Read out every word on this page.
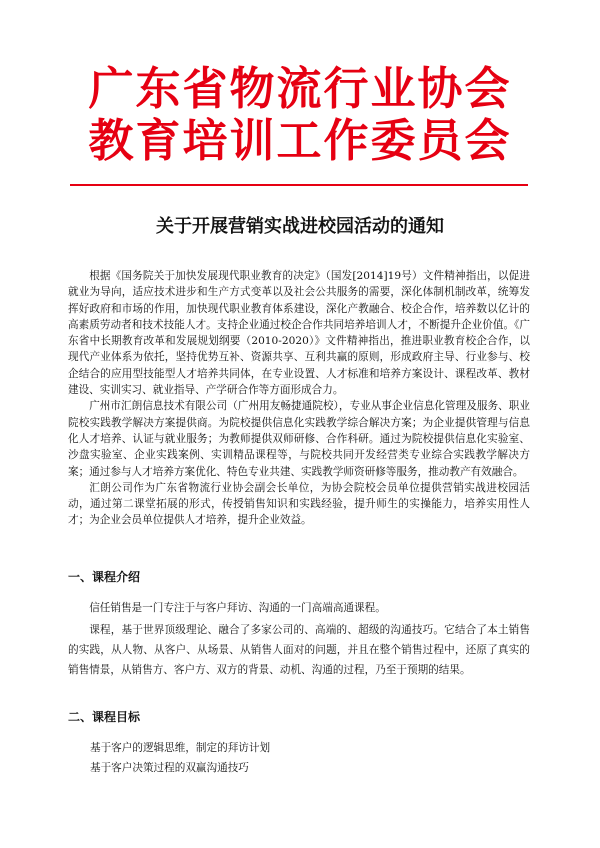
广东省物流行业协会
教育培训工作委员会
关于开展营销实战进校园活动的通知

根据《国务院关于加快发展现代职业教育的决定》（国发[2014]19号）文件精神指出，以促进就业为导向，适应技术进步和生产方式变革以及社会公共服务的需要，深化体制机制改革，统筹发挥好政府和市场的作用，加快现代职业教育体系建设，深化产教融合、校企合作，培养数以亿计的高素质劳动者和技术技能人才。支持企业通过校企合作共同培养培训人才，不断提升企业价值。《广东省中长期教育改革和发展规划纲要（2010-2020）》文件精神指出，推进职业教育校企合作，以现代产业体系为依托，坚持优势互补、资源共享、互利共赢的原则，形成政府主导、行业参与、校企结合的应用型技能型人才培养共同体，在专业设置、人才标准和培养方案设计、课程改革、教材建设、实训实习、就业指导、产学研合作等方面形成合力。

广州市汇朗信息技术有限公司（广州用友畅捷通院校），专业从事企业信息化管理及服务、职业院校实践教学解决方案提供商。为院校提供信息化实践教学综合解决方案；为企业提供管理与信息化人才培养、认证与就业服务；为教师提供双师研修、合作科研。通过为院校提供信息化实验室、沙盘实验室、企业实践案例、实训精品课程等，与院校共同开发经营类专业综合实践教学解决方案；通过参与人才培养方案优化、特色专业共建、实践教学师资研修等服务，推动教产有效融合。

汇朗公司作为广东省物流行业协会副会长单位，为协会院校会员单位提供营销实战进校园活动，通过第二课堂拓展的形式，传授销售知识和实践经验，提升师生的实操能力，培养实用性人才；为企业会员单位提供人才培养，提升企业效益。

一、课程介绍

信任销售是一门专注于与客户拜访、沟通的一门高端高通课程。

课程，基于世界顶级理论、融合了多家公司的、高端的、超级的沟通技巧。它结合了本土销售的实践，从人物、从客户、从场景、从销售人面对的问题，并且在整个销售过程中，还原了真实的销售情景，从销售方、客户方、双方的背景、动机、沟通的过程，乃至于预期的结果。

二、课程目标

基于客户的逻辑思维，制定的拜访计划

基于客户决策过程的双赢沟通技巧
